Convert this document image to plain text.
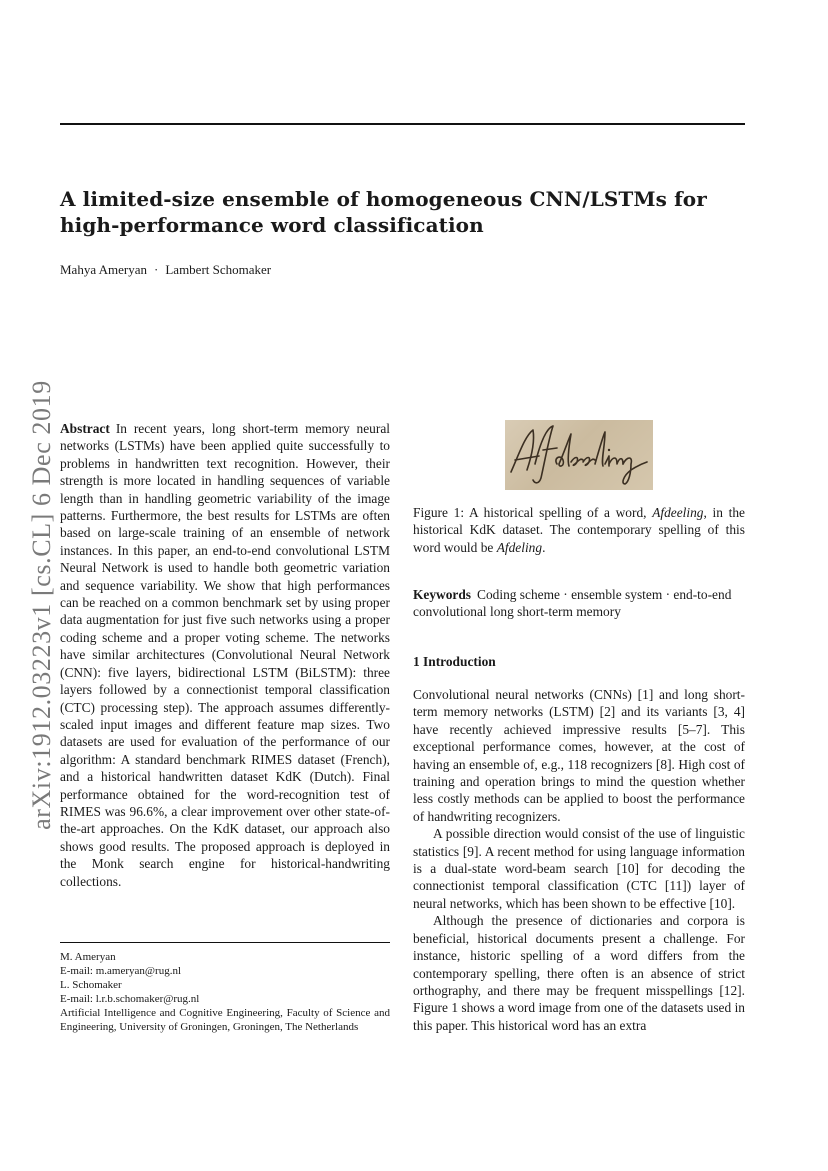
A limited-size ensemble of homogeneous CNN/LSTMs for high-performance word classification
Mahya Ameryan · Lambert Schomaker
arXiv:1912.03223v1 [cs.CL] 6 Dec 2019 Abstract In recent years, long short-term memory neural networks (LSTMs) have been applied quite successfully to problems in handwritten text recognition. However, their strength is more located in handling sequences of variable length than in handling geometric variability of the image patterns. Furthermore, the best results for LSTMs are often based on large-scale training of an ensemble of network instances. In this paper, an end-to-end convolutional LSTM Neural Network is used to handle both geometric variation and sequence variability. We show that high performances can be reached on a common benchmark set by using proper data augmentation for just five such networks using a proper coding scheme and a proper voting scheme. The networks have similar architectures (Convolutional Neural Network (CNN): five layers, bidirectional LSTM (BiLSTM): three layers followed by a connectionist temporal classification (CTC) processing step). The approach assumes differently-scaled input images and different feature map sizes. Two datasets are used for evaluation of the performance of our algorithm: A standard benchmark RIMES dataset (French), and a historical handwritten dataset KdK (Dutch). Final performance obtained for the word-recognition test of RIMES was 96.6%, a clear improvement over other state-of-the-art approaches. On the KdK dataset, our approach also shows good results. The proposed approach is deployed in the Monk search engine for historical-handwriting collections.

M. Ameryan
E-mail: m.ameryan@rug.nl
L. Schomaker
E-mail: l.r.b.schomaker@rug.nl
Artificial Intelligence and Cognitive Engineering, Faculty of Science and Engineering, University of Groningen, Groningen, The Netherlands

Figure 1: A historical spelling of a word, Afdeeling, in the historical KdK dataset. The contemporary spelling of this word would be Afdeling.

Keywords Coding scheme · ensemble system · end-to-end convolutional long short-term memory

1 Introduction

Convolutional neural networks (CNNs) [1] and long short-term memory networks (LSTM) [2] and its variants [3, 4] have recently achieved impressive results [5–7]. This exceptional performance comes, however, at the cost of having an ensemble of, e.g., 118 recognizers [8]. High cost of training and operation brings to mind the question whether less costly methods can be applied to boost the performance of handwriting recognizers.

A possible direction would consist of the use of linguistic statistics [9]. A recent method for using language information is a dual-state word-beam search [10] for decoding the connectionist temporal classification (CTC [11]) layer of neural networks, which has been shown to be effective [10].

Although the presence of dictionaries and corpora is beneficial, historical documents present a challenge. For instance, historic spelling of a word differs from the contemporary spelling, there often is an absence of strict orthography, and there may be frequent misspellings [12]. Figure 1 shows a word image from one of the datasets used in this paper. This historical word has an extra
